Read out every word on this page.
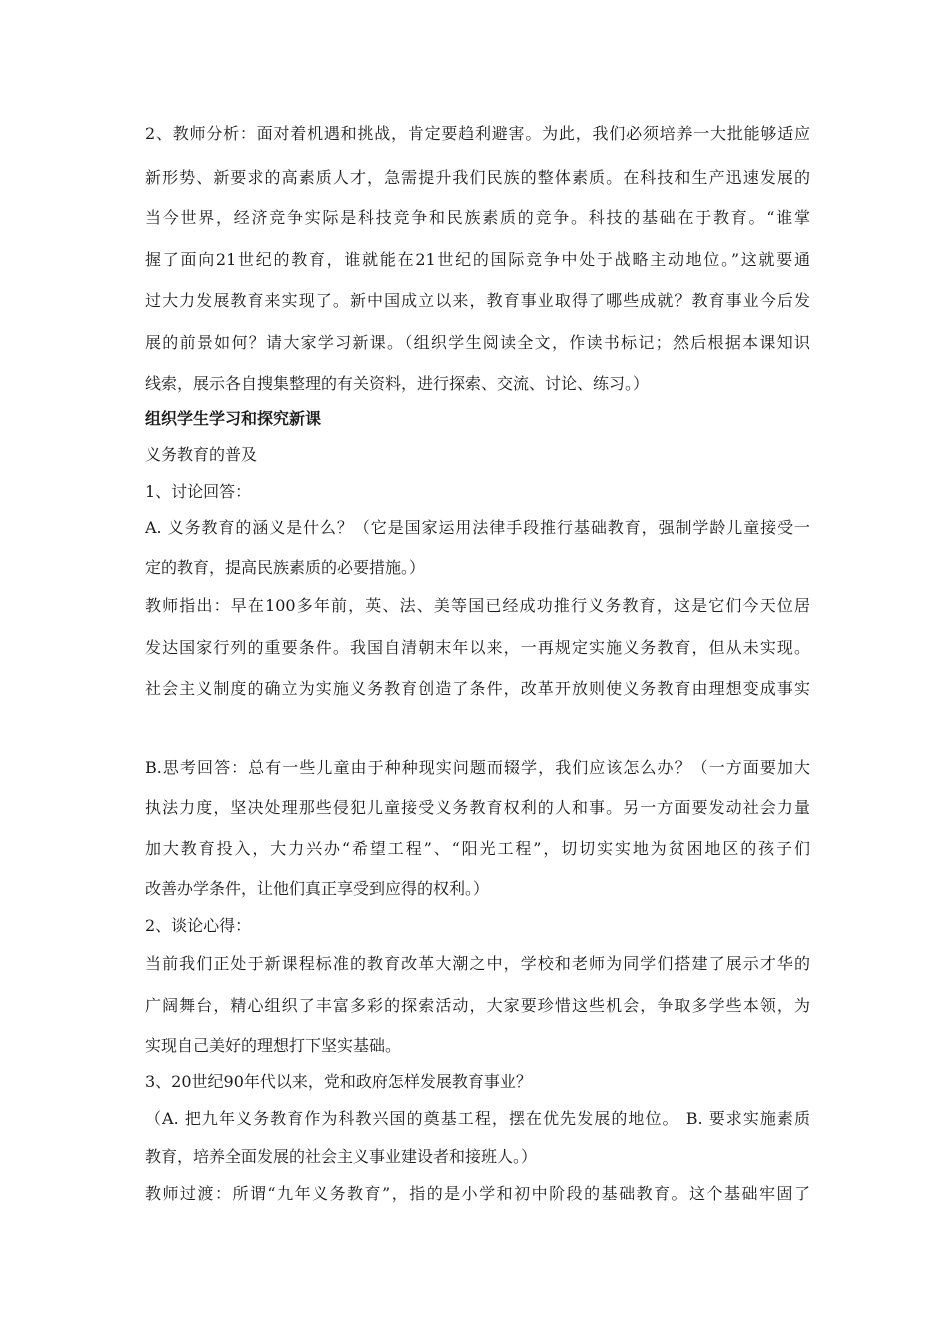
2、教师分析：面对着机遇和挑战，肯定要趋利避害。为此，我们必须培养一大批能够适应
新形势、新要求的高素质人才，急需提升我们民族的整体素质。在科技和生产迅速发展的
当今世界，经济竞争实际是科技竞争和民族素质的竞争。科技的基础在于教育。“谁掌
握了面向21世纪的教育，谁就能在21世纪的国际竞争中处于战略主动地位。”这就要通
过大力发展教育来实现了。新中国成立以来，教育事业取得了哪些成就？教育事业今后发
展的前景如何？请大家学习新课。（组织学生阅读全文，作读书标记；然后根据本课知识
线索，展示各自搜集整理的有关资料，进行探索、交流、讨论、练习。）
组织学生学习和探究新课
义务教育的普及
1、讨论回答：
A. 义务教育的涵义是什么？（它是国家运用法律手段推行基础教育，强制学龄儿童接受一
定的教育，提高民族素质的必要措施。）
教师指出：早在100多年前，英、法、美等国已经成功推行义务教育，这是它们今天位居
发达国家行列的重要条件。我国自清朝末年以来，一再规定实施义务教育，但从未实现。
社会主义制度的确立为实施义务教育创造了条件，改革开放则使义务教育由理想变成事实
B.思考回答：总有一些儿童由于种种现实问题而辍学，我们应该怎么办？（一方面要加大
执法力度，坚决处理那些侵犯儿童接受义务教育权利的人和事。另一方面要发动社会力量
加大教育投入，大力兴办“希望工程”、“阳光工程”，切切实实地为贫困地区的孩子们
改善办学条件，让他们真正享受到应得的权利。）
2、谈论心得：
当前我们正处于新课程标准的教育改革大潮之中，学校和老师为同学们搭建了展示才华的
广阔舞台，精心组织了丰富多彩的探索活动，大家要珍惜这些机会，争取多学些本领，为
实现自己美好的理想打下坚实基础。
3、20世纪90年代以来，党和政府怎样发展教育事业？
（A. 把九年义务教育作为科教兴国的奠基工程，摆在优先发展的地位。 B. 要求实施素质
教育，培养全面发展的社会主义事业建设者和接班人。）
教师过渡：所谓“九年义务教育”，指的是小学和初中阶段的基础教育。这个基础牢固了
